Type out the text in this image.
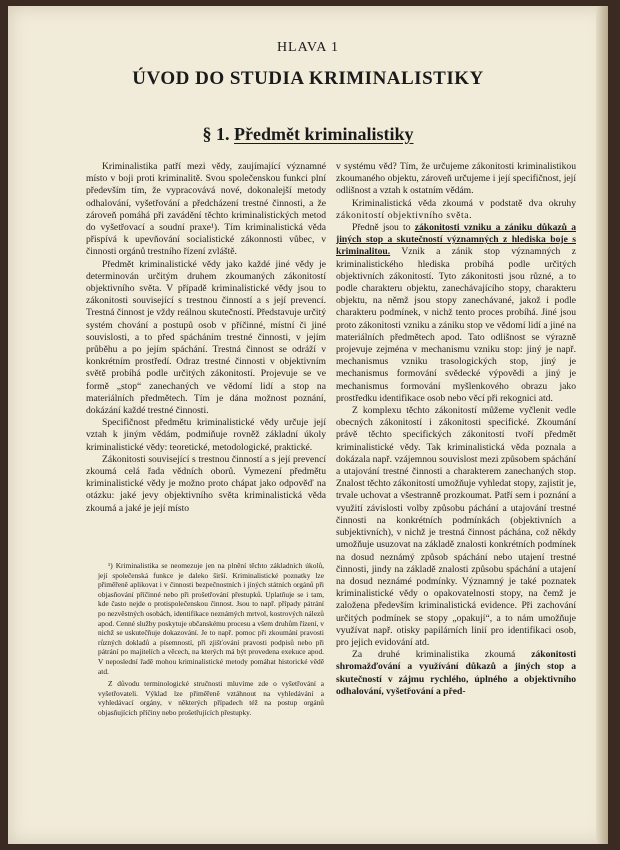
HLAVA 1
ÚVOD DO STUDIA KRIMINALISTIKY
§ 1. Předmět kriminalistiky

Kriminalistika patří mezi vědy, zaujímající významné místo v boji proti kriminalitě. Svou společenskou funkci plní především tím, že vypracovává nové, dokonalejší metody odhalování, vyšetřování a předcházení trestné činnosti, a že zároveň pomáhá při zavádění těchto kriminalistických metod do vyšetřovací a soudní praxe¹). Tím kriminalistická věda přispívá k upevňování socialistické zákonnosti vůbec, v činnosti orgánů trestního řízení zvláště.

Předmět kriminalistické vědy jako každé jiné vědy je determinován určitým druhem zkoumaných zákonitostí objektivního světa. V případě kriminalistické vědy jsou to zákonitosti související s trestnou činností a s její prevencí. Trestná činnost je vždy reálnou skutečností. Představuje určitý systém chování a postupů osob v příčinné, místní či jiné souvislosti, a to před spácháním trestné činnosti, v jejím průběhu a po jejím spáchání. Trestná činnost se odráží v konkrétním prostředí. Odraz trestné činnosti v objektivním světě probíhá podle určitých zákonitostí. Projevuje se ve formě „stop“ zanechaných ve vědomí lidí a stop na materiálních předmětech. Tím je dána možnost poznání, dokázání každé trestné činnosti.

Specifičnost předmětu kriminalistické vědy určuje její vztah k jiným vědám, podmiňuje rovněž základní úkoly kriminalistické vědy: teoretické, metodologické, praktické.

Zákonitosti související s trestnou činností a s její prevencí zkoumá celá řada vědních oborů. Vymezení předmětu kriminalistické vědy je možno proto chápat jako odpověď na otázku: jaké jevy objektivního světa kriminalistická věda zkoumá a jaké je její místo

¹) Kriminalistika se neomezuje jen na plnění těchto základních úkolů, její společenská funkce je daleko širší. Kriminalistické poznatky lze přiměřeně aplikovat i v činnosti bezpečnostních i jiných státních orgánů při objasňování příčinné nebo při prošetřování přestupků. Uplatňuje se i tam, kde často nejde o protispolečenskou činnost. Jsou to např. případy pátrání po nezvěstných osobách, identifikace neznámých mrtvol, kostrových nálezů apod. Cenné služby poskytuje občanskému procesu a všem druhům řízení, v nichž se uskutečňuje dokazování. Je to např. pomoc při zkoumání pravosti různých dokladů a písemností, při zjišťování pravosti podpisů nebo při pátrání po majitelích a věcech, na kterých má být provedena exekuce apod. V neposlední řadě mohou kriminalistické metody pomáhat historické vědě atd.

Z důvodu terminologické stručnosti mluvíme zde o vyšetřování a vyšetřovateli. Výklad lze přiměřeně vztáhnout na vyhledávání a vyhledávací orgány, v některých případech též na postup orgánů objasňujících příčiny nebo prošetřujících přestupky.

v systému věd? Tím, že určujeme zákonitosti kriminalistikou zkoumaného objektu, zároveň určujeme i její specifičnost, její odlišnost a vztah k ostatním vědám.

Kriminalistická věda zkoumá v podstatě dva okruhy zákonitostí objektivního světa.

Předně jsou to zákonitosti vzniku a zániku důkazů a jiných stop a skutečností významných z hlediska boje s kriminalitou. Vznik a zánik stop významných z kriminalistického hlediska probíhá podle určitých objektivních zákonitostí. Tyto zákonitosti jsou různé, a to podle charakteru objektu, zanechávajícího stopy, charakteru objektu, na němž jsou stopy zanechávané, jakož i podle charakteru podmínek, v nichž tento proces probíhá. Jiné jsou proto zákonitosti vzniku a zániku stop ve vědomí lidí a jiné na materiálních předmětech apod. Tato odlišnost se výrazně projevuje zejména v mechanismu vzniku stop: jiný je např. mechanismus vzniku trasologických stop, jiný je mechanismus formování svědecké výpovědi a jiný je mechanismus formování myšlenkového obrazu jako prostředku identifikace osob nebo věcí při rekognici atd.

Z komplexu těchto zákonitostí můžeme vyčlenit vedle obecných zákonitostí i zákonitosti specifické. Zkoumání právě těchto specifických zákonitostí tvoří předmět kriminalistické vědy. Tak kriminalistická věda poznala a dokázala např. vzájemnou souvislost mezi způsobem spáchání a utajování trestné činnosti a charakterem zanechaných stop. Znalost těchto zákonitostí umožňuje vyhledat stopy, zajistit je, trvale uchovat a všestranně prozkoumat. Patří sem i poznání a využití závislosti volby způsobu páchání a utajování trestné činnosti na konkrétních podmínkách (objektivních a subjektivních), v nichž je trestná činnost páchána, což někdy umožňuje usuzovat na základě znalosti konkrétních podmínek na dosud neznámý způsob spáchání nebo utajení trestné činnosti, jindy na základě znalosti způsobu spáchání a utajení na dosud neznámé podmínky. Významný je také poznatek kriminalistické vědy o opakovatelnosti stopy, na čemž je založena především kriminalistická evidence. Při zachování určitých podmínek se stopy „opakují“, a to nám umožňuje využívat např. otisky papilárních linií pro identifikaci osob, pro jejich evidování atd.

Za druhé kriminalistika zkoumá zákonitosti shromažďování a využívání důkazů a jiných stop a skutečností v zájmu rychlého, úplného a objektivního odhalování, vyšetřování a před-
